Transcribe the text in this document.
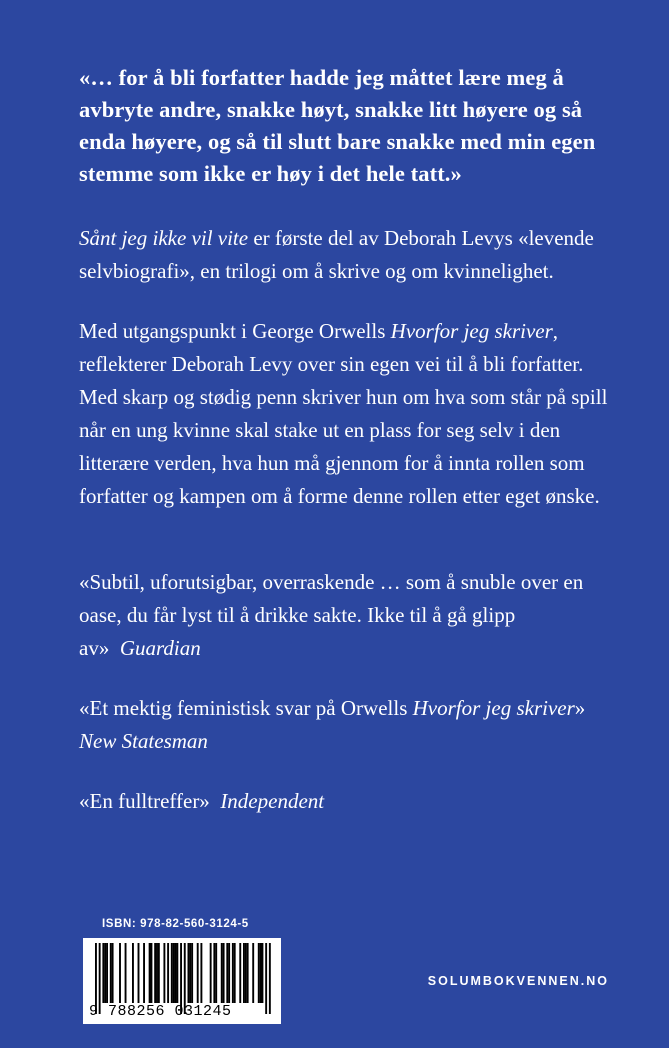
«… for å bli forfatter hadde jeg måttet lære meg å avbryte andre, snakke høyt, snakke litt høyere og så enda høyere, og så til slutt bare snakke med min egen stemme som ikke er høy i det hele tatt.»

Sånt jeg ikke vil vite er første del av Deborah Levys «levende selvbiografi», en trilogi om å skrive og om kvinnelighet.

Med utgangspunkt i George Orwells Hvorfor jeg skriver, reflekterer Deborah Levy over sin egen vei til å bli forfatter. Med skarp og stødig penn skriver hun om hva som står på spill når en ung kvinne skal stake ut en plass for seg selv i den litterære verden, hva hun må gjennom for å innta rollen som forfatter og kampen om å forme denne rollen etter eget ønske.

«Subtil, uforutsigbar, overraskende … som å snuble over en oase, du får lyst til å drikke sakte. Ikke til å gå glipp av» Guardian

«Et mektig feministisk svar på Orwells Hvorfor jeg skriver»
New Statesman

«En fulltreffer» Independent

ISBN: 978-82-560-3124-5
9 788256 031245
SOLUMBOKVENNEN.NO
